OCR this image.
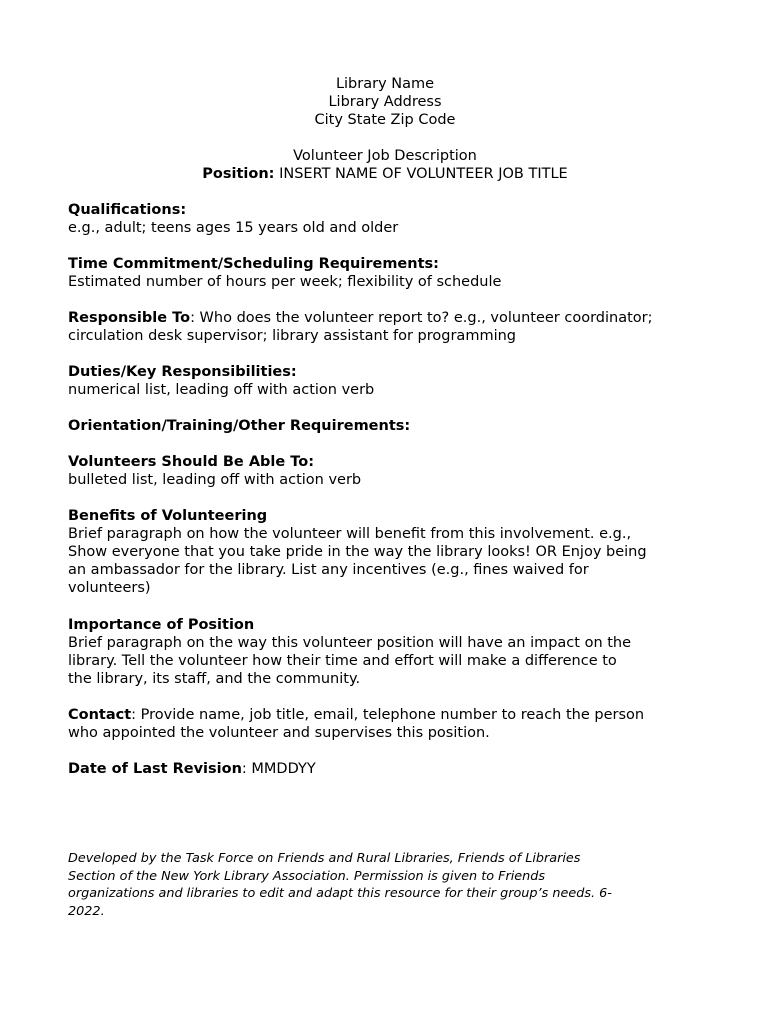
Library Name
Library Address
City State Zip Code
Volunteer Job Description
Position: INSERT NAME OF VOLUNTEER JOB TITLE
Qualifications:
e.g., adult; teens ages 15 years old and older
Time Commitment/Scheduling Requirements:
Estimated number of hours per week; flexibility of schedule
Responsible To: Who does the volunteer report to? e.g., volunteer coordinator;
circulation desk supervisor; library assistant for programming
Duties/Key Responsibilities:
numerical list, leading off with action verb
Orientation/Training/Other Requirements:
Volunteers Should Be Able To:
bulleted list, leading off with action verb
Benefits of Volunteering
Brief paragraph on how the volunteer will benefit from this involvement. e.g.,
Show everyone that you take pride in the way the library looks! OR Enjoy being
an ambassador for the library. List any incentives (e.g., fines waived for
volunteers)
Importance of Position
Brief paragraph on the way this volunteer position will have an impact on the
library. Tell the volunteer how their time and effort will make a difference to
the library, its staff, and the community.
Contact: Provide name, job title, email, telephone number to reach the person
who appointed the volunteer and supervises this position.
Date of Last Revision: MMDDYY
Developed by the Task Force on Friends and Rural Libraries, Friends of Libraries
Section of the New York Library Association. Permission is given to Friends
organizations and libraries to edit and adapt this resource for their group’s needs. 6-
2022.
